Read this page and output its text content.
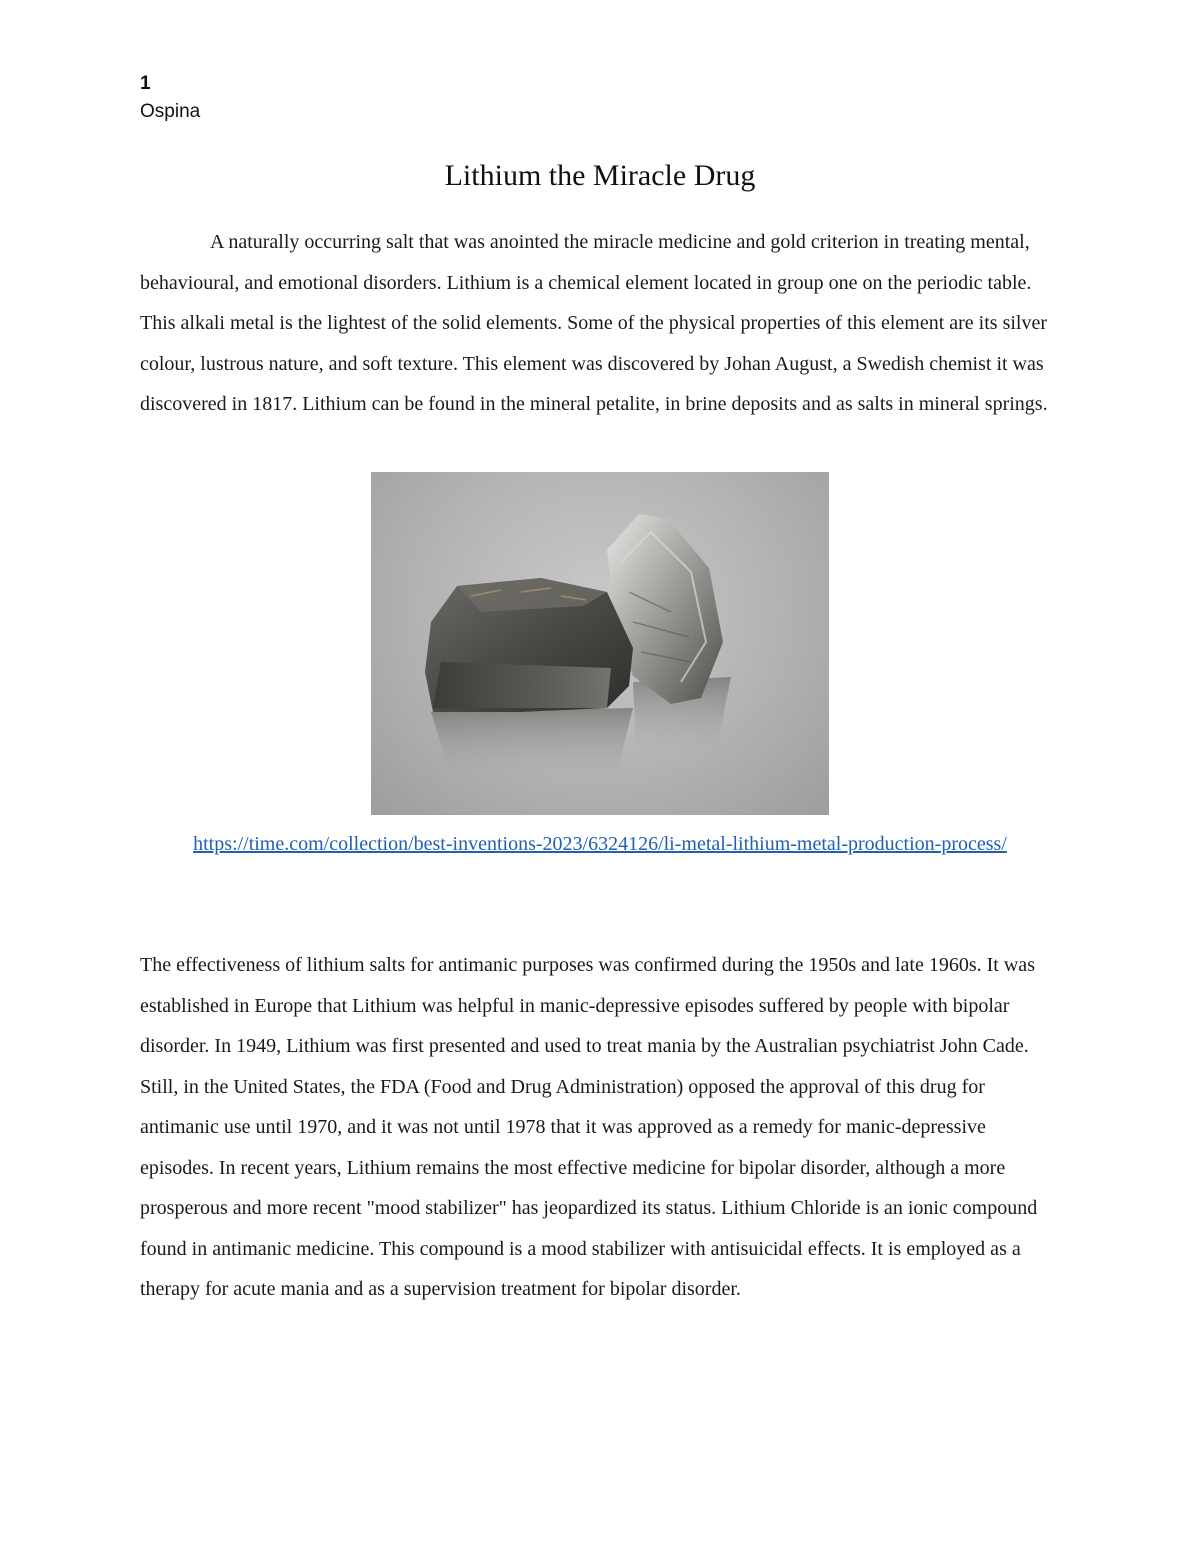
1
Ospina
Lithium the Miracle Drug

A naturally occurring salt that was anointed the miracle medicine and gold criterion in treating mental, behavioural, and emotional disorders. Lithium is a chemical element located in group one on the periodic table. This alkali metal is the lightest of the solid elements. Some of the physical properties of this element are its silver colour, lustrous nature, and soft texture. This element was discovered by Johan August, a Swedish chemist it was discovered in 1817. Lithium can be found in the mineral petalite, in brine deposits and as salts in mineral springs.

https://time.com/collection/best-inventions-2023/6324126/li-metal-lithium-metal-production-process/

The effectiveness of lithium salts for antimanic purposes was confirmed during the 1950s and late 1960s. It was established in Europe that Lithium was helpful in manic-depressive episodes suffered by people with bipolar disorder. In 1949, Lithium was first presented and used to treat mania by the Australian psychiatrist John Cade. Still, in the United States, the FDA (Food and Drug Administration) opposed the approval of this drug for antimanic use until 1970, and it was not until 1978 that it was approved as a remedy for manic-depressive episodes. In recent years, Lithium remains the most effective medicine for bipolar disorder, although a more prosperous and more recent "mood stabilizer" has jeopardized its status. Lithium Chloride is an ionic compound found in antimanic medicine. This compound is a mood stabilizer with antisuicidal effects. It is employed as a therapy for acute mania and as a supervision treatment for bipolar disorder.
